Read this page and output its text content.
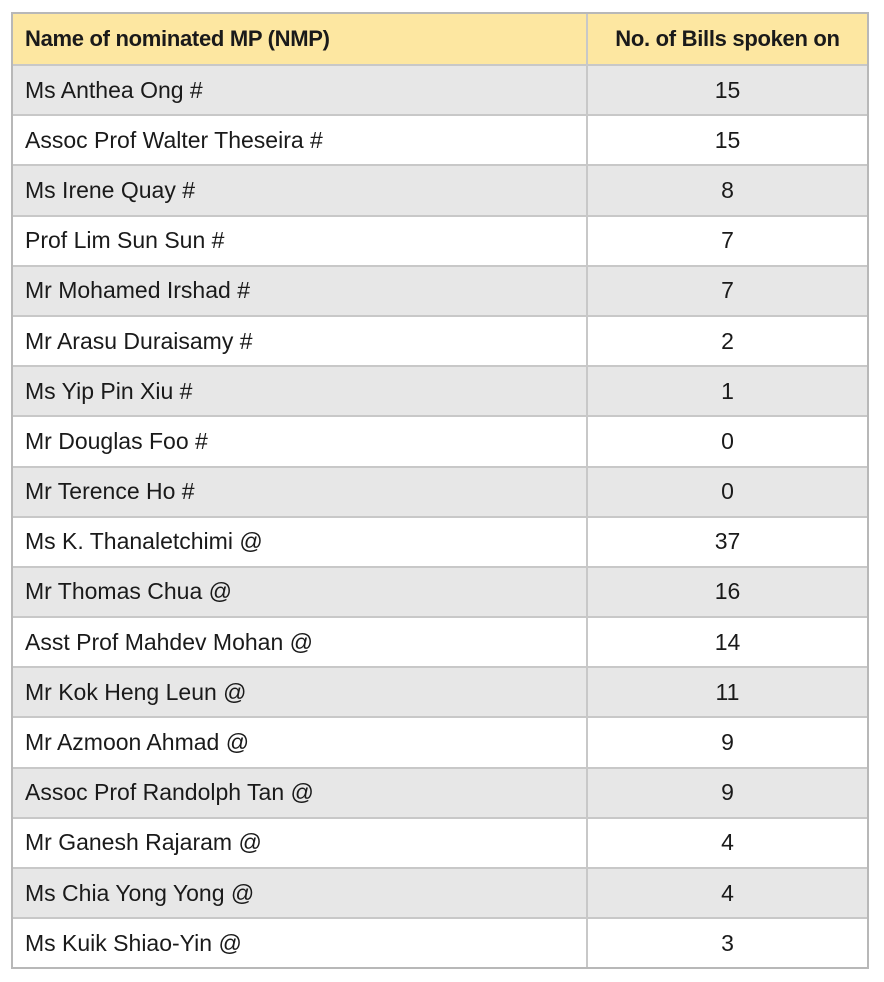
Name of nominated MP (NMP)	No. of Bills spoken on
Ms Anthea Ong #	15
Assoc Prof Walter Theseira #	15
Ms Irene Quay #	8
Prof Lim Sun Sun #	7
Mr Mohamed Irshad #	7
Mr Arasu Duraisamy #	2
Ms Yip Pin Xiu #	1
Mr Douglas Foo #	0
Mr Terence Ho #	0
Ms K. Thanaletchimi @	37
Mr Thomas Chua @	16
Asst Prof Mahdev Mohan @	14
Mr Kok Heng Leun @	11
Mr Azmoon Ahmad @	9
Assoc Prof Randolph Tan @	9
Mr Ganesh Rajaram @	4
Ms Chia Yong Yong @	4
Ms Kuik Shiao-Yin @	3
